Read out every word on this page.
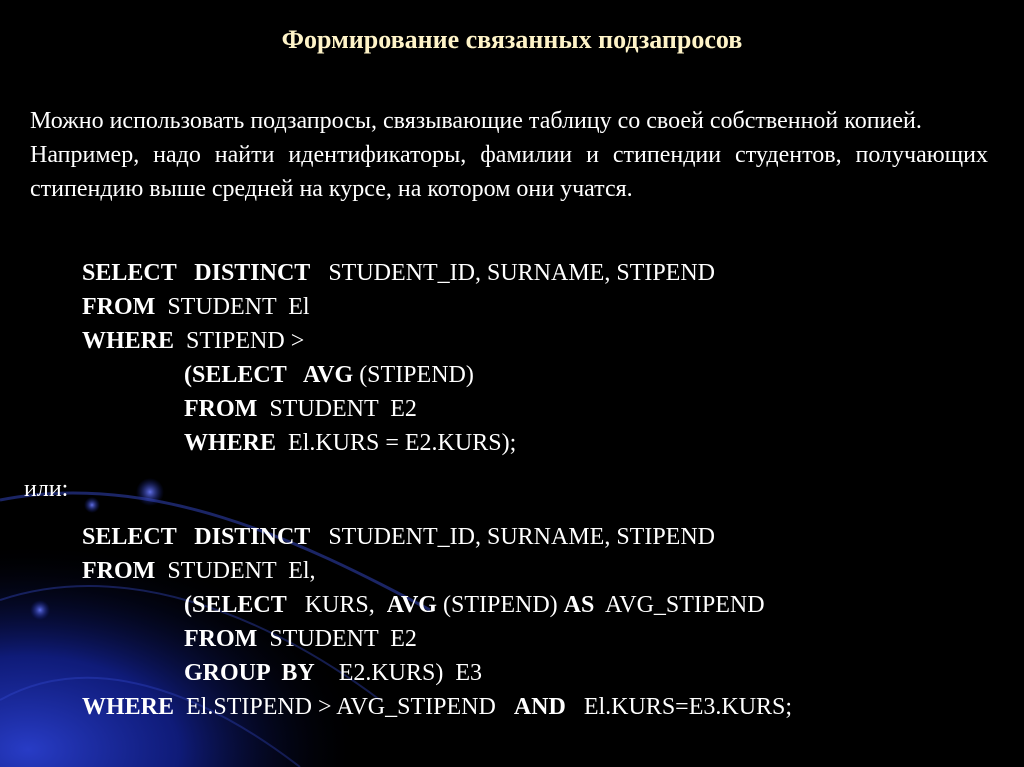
Формирование связанных подзапросов

Можно использовать подзапросы, связывающие таблицу со своей собственной копией.

Например, надо найти идентификаторы, фамилии и стипендии студентов, получающих стипендию выше средней на курсе, на котором они учатся.

SELECT   DISTINCT   STUDENT_ID, SURNAME, STIPEND
FROM  STUDENT  El
WHERE  STIPEND >
(SELECT   AVG (STIPEND)
FROM  STUDENT  E2
WHERE  El.KURS = E2.KURS);
или:
SELECT   DISTINCT   STUDENT_ID, SURNAME, STIPEND
FROM  STUDENT  El,
(SELECT   KURS,  AVG (STIPEND) AS  AVG_STIPEND
FROM  STUDENT  E2
GROUP  BY    E2.KURS)  E3
WHERE  El.STIPEND > AVG_STIPEND   AND   El.KURS=E3.KURS;
